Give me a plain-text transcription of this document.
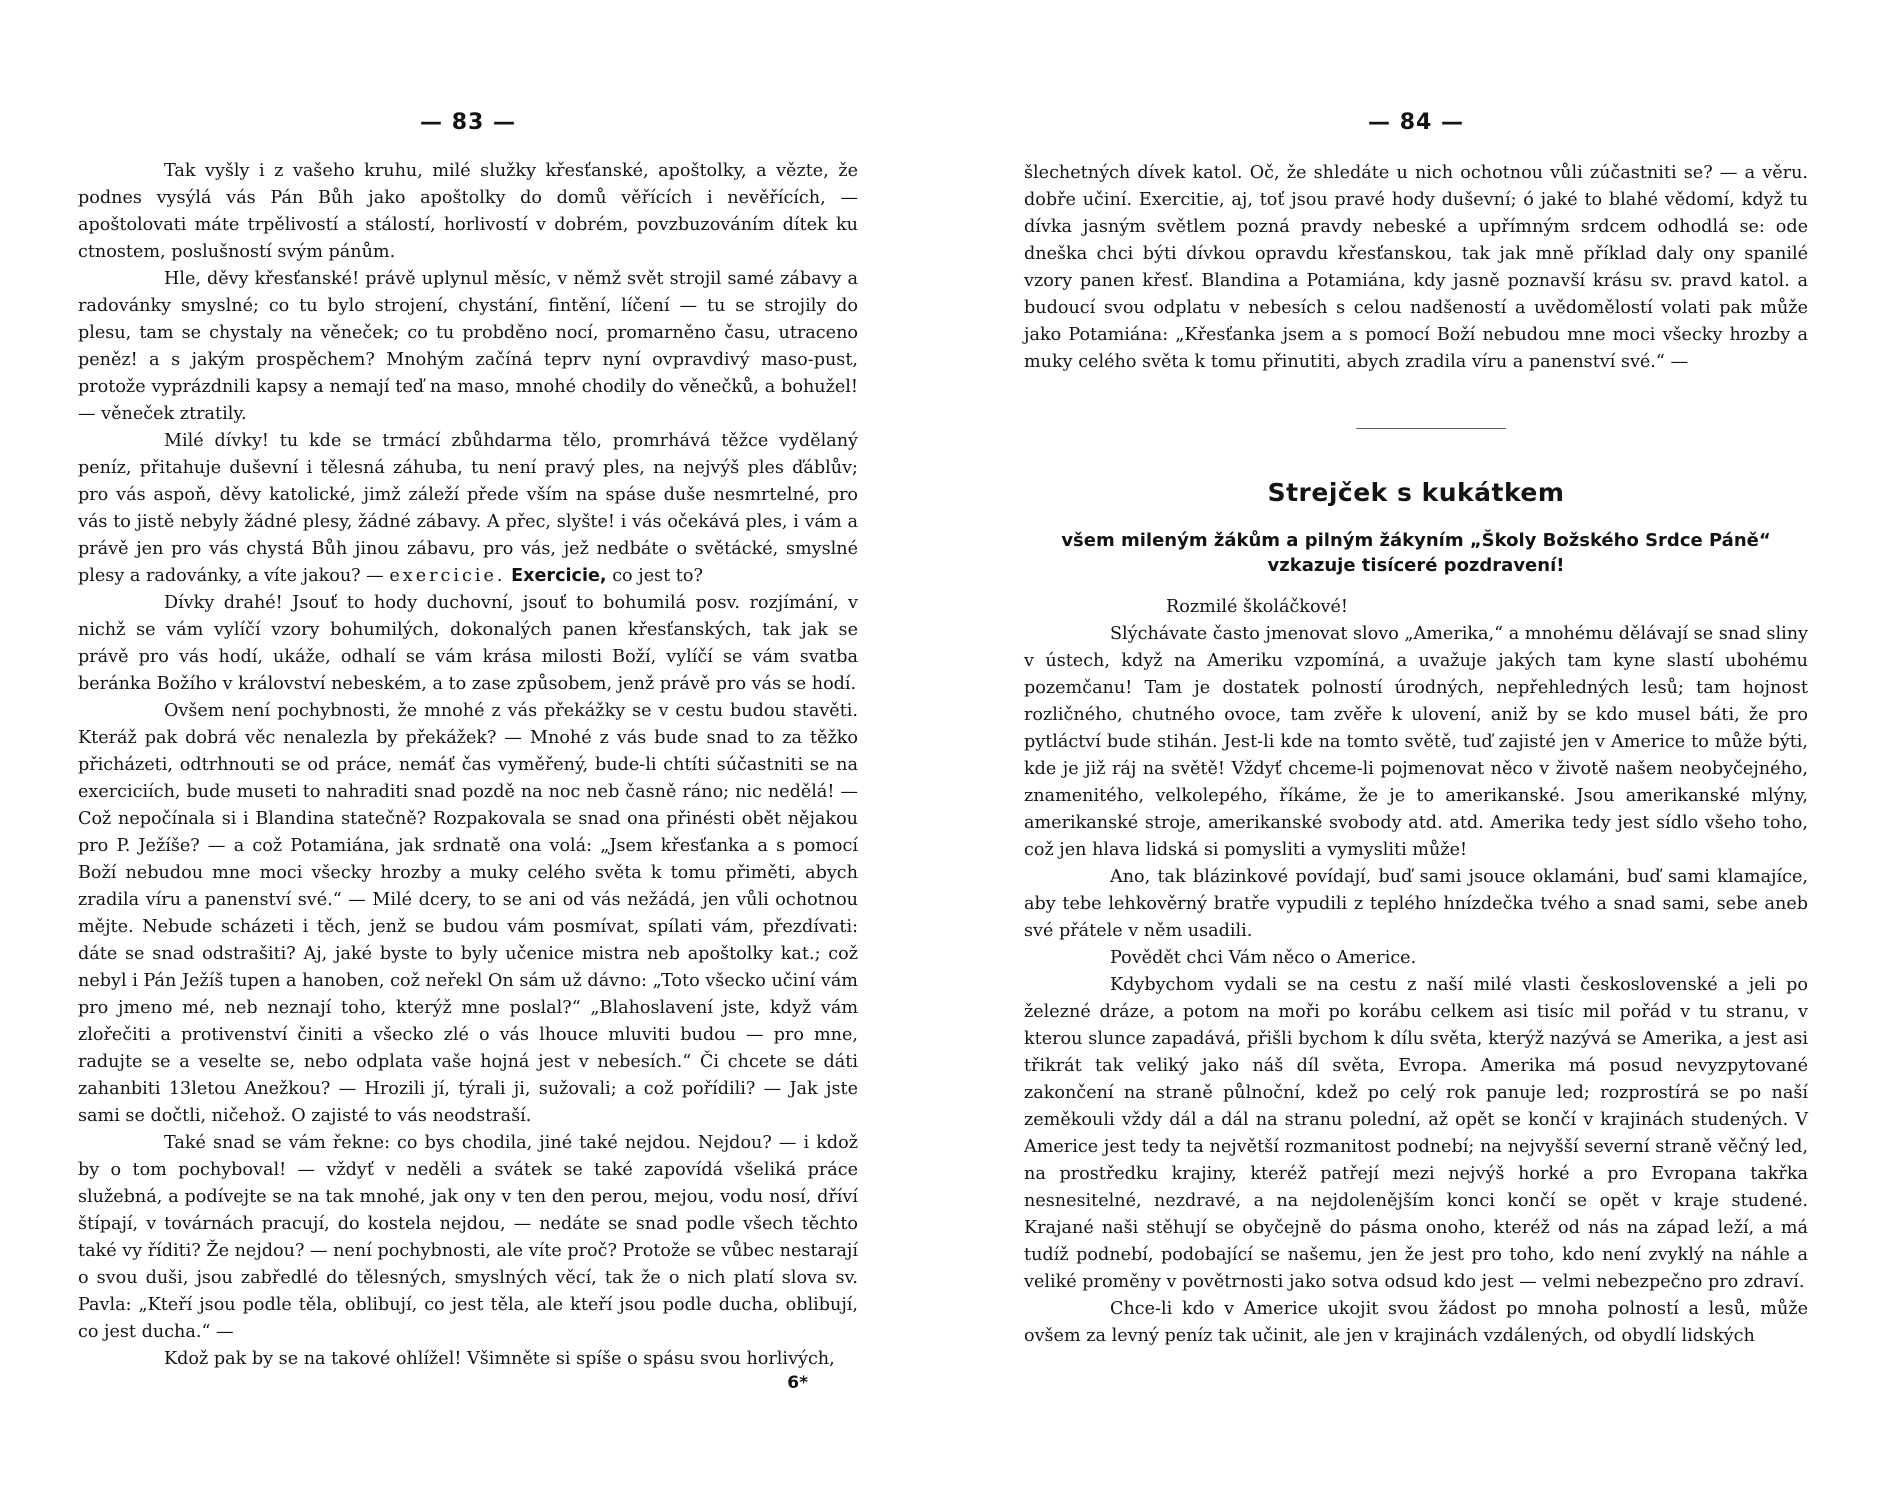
— 83 —

Tak vyšly i z vašeho kruhu, milé služky křesťanské, apoštolky, a vězte, že podnes vysýlá vás Pán Bůh jako apoštolky do domů věřících i nevěřících, — apoštolovati máte trpělivostí a stálostí, horlivostí v dobrém, povzbuzováním dítek ku ctnostem, poslušností svým pánům.

Hle, děvy křesťanské! právě uplynul měsíc, v němž svět strojil samé zábavy a radovánky smyslné; co tu bylo strojení, chystání, fintění, líčení — tu se strojily do plesu, tam se chystaly na věneček; co tu probděno nocí, promarněno času, utraceno peněz! a s jakým prospěchem? Mnohým začíná teprv nyní ovpravdivý maso-pust, protože vyprázdnili kapsy a nemají teď na maso, mnohé chodily do věnečků, a bohužel! — věneček ztratily.

Milé dívky! tu kde se trmácí zbůhdarma tělo, promrhává těžce vydělaný peníz, přitahuje duševní i tělesná záhuba, tu není pravý ples, na nejvýš ples ďáblův; pro vás aspoň, děvy katolické, jimž záleží přede vším na spáse duše nesmrtelné, pro vás to jistě nebyly žádné plesy, žádné zábavy. A přec, slyšte! i vás očekává ples, i vám a právě jen pro vás chystá Bůh jinou zábavu, pro vás, jež nedbáte o světácké, smyslné plesy a radovánky, a víte jakou? — exercicie. Exercicie, co jest to?

Dívky drahé! Jsouť to hody duchovní, jsouť to bohumilá posv. rozjímání, v nichž se vám vylíčí vzory bohumilých, dokonalých panen křesťanských, tak jak se právě pro vás hodí, ukáže, odhalí se vám krása milosti Boží, vylíčí se vám svatba beránka Božího v království nebeském, a to zase způsobem, jenž právě pro vás se hodí.

Ovšem není pochybnosti, že mnohé z vás překážky se v cestu budou stavěti. Kteráž pak dobrá věc nenalezla by překážek? — Mnohé z vás bude snad to za těžko přicházeti, odtrhnouti se od práce, nemáť čas vyměřený, bude-li chtíti súčastniti se na exerciciích, bude museti to nahraditi snad pozdě na noc neb časně ráno; nic nedělá! — Což nepočínala si i Blandina statečně? Rozpakovala se snad ona přinésti obět nějakou pro P. Ježíše? — a což Potamiána, jak srdnatě ona volá: „Jsem křesťanka a s pomocí Boží nebudou mne moci všecky hrozby a muky celého světa k tomu přiměti, abych zradila víru a panenství své.“ — Milé dcery, to se ani od vás nežádá, jen vůli ochotnou mějte. Nebude scházeti i těch, jenž se budou vám posmívat, spílati vám, přezdívati: dáte se snad odstrašiti? Aj, jaké byste to byly učenice mistra neb apoštolky kat.; což nebyl i Pán Ježíš tupen a hanoben, což neřekl On sám už dávno: „Toto všecko učiní vám pro jmeno mé, neb neznají toho, kterýž mne poslal?“ „Blahoslavení jste, když vám zlořečiti a protivenství činiti a všecko zlé o vás lhouce mluviti budou — pro mne, radujte se a veselte se, nebo odplata vaše hojná jest v nebesích.“ Či chcete se dáti zahanbiti 13letou Anežkou? — Hrozili jí, týrali ji, sužovali; a což pořídili? — Jak jste sami se dočtli, ničehož. O zajisté to vás neodstraší.

Také snad se vám řekne: co bys chodila, jiné také nejdou. Nejdou? — i kdož by o tom pochyboval! — vždyť v neděli a svátek se také zapovídá všeliká práce služebná, a podívejte se na tak mnohé, jak ony v ten den perou, mejou, vodu nosí, dříví štípají, v továrnách pracují, do kostela nejdou, — nedáte se snad podle všech těchto také vy říditi? Že nejdou? — není pochybnosti, ale víte proč? Protože se vůbec nestarají o svou duši, jsou zabředlé do tělesných, smyslných věcí, tak že o nich platí slova sv. Pavla: „Kteří jsou podle těla, oblibují, co jest těla, ale kteří jsou podle ducha, oblibují, co jest ducha.“ —

Kdož pak by se na takové ohlížel! Všimněte si spíše o spásu svou horlivých,

6*
— 84 —

šlechetných dívek katol. Oč, že shledáte u nich ochotnou vůli zúčastniti se? — a věru. dobře učiní. Exercitie, aj, toť jsou pravé hody duševní; ó jaké to blahé vědomí, když tu dívka jasným světlem pozná pravdy nebeské a upřímným srdcem odhodlá se: ode dneška chci býti dívkou opravdu křesťanskou, tak jak mně příklad daly ony spanilé vzory panen křesť. Blandina a Potamiána, kdy jasně poznavší krásu sv. pravd katol. a budoucí svou odplatu v nebesích s celou nadšeností a uvědomělostí volati pak může jako Potamiána: „Křesťanka jsem a s pomocí Boží nebudou mne moci všecky hrozby a muky celého světa k tomu přinutiti, abych zradila víru a panenství své.“ —

Strejček s kukátkem
všem mileným žákům a pilným žákyním „Školy Božského Srdce Páně“ vzkazuje tisíceré pozdravení!

Rozmilé školáčkové!

Slýchávate často jmenovat slovo „Amerika,“ a mnohému dělávají se snad sliny v ústech, když na Ameriku vzpomíná, a uvažuje jakých tam kyne slastí ubohému pozemčanu! Tam je dostatek polností úrodných, nepřehledných lesů; tam hojnost rozličného, chutného ovoce, tam zvěře k ulovení, aniž by se kdo musel báti, že pro pytláctví bude stihán. Jest-li kde na tomto světě, tuď zajisté jen v Americe to může býti, kde je již ráj na světě! Vždyť chceme-li pojmenovat něco v životě našem neobyčejného, znamenitého, velkolepého, říkáme, že je to amerikanské. Jsou amerikanské mlýny, amerikanské stroje, amerikanské svobody atd. atd. Amerika tedy jest sídlo všeho toho, což jen hlava lidská si pomysliti a vymysliti může!

Ano, tak blázinkové povídají, buď sami jsouce oklamáni, buď sami klamajíce, aby tebe lehkověrný bratře vypudili z teplého hnízdečka tvého a snad sami, sebe aneb své přátele v něm usadili.

Povědět chci Vám něco o Americe.

Kdybychom vydali se na cestu z naší milé vlasti československé a jeli po železné dráze, a potom na moři po korábu celkem asi tisíc mil pořád v tu stranu, v kterou slunce zapadává, přišli bychom k dílu světa, kterýž nazývá se Amerika, a jest asi třikrát tak veliký jako náš díl světa, Evropa. Amerika má posud nevyzpytované zakončení na straně půlnoční, kdež po celý rok panuje led; rozprostírá se po naší zeměkouli vždy dál a dál na stranu polední, až opět se končí v krajinách studených. V Americe jest tedy ta největší rozmanitost podnebí; na nejvyšší severní straně věčný led, na prostředku krajiny, kteréž patřejí mezi nejvýš horké a pro Evropana takřka nesnesitelné, nezdravé, a na nejdolenějším konci končí se opět v kraje studené. Krajané naši stěhují se obyčejně do pásma onoho, kteréž od nás na západ leží, a má tudíž podnebí, podobající se našemu, jen že jest pro toho, kdo není zvyklý na náhle a veliké proměny v povětrnosti jako sotva odsud kdo jest — velmi nebezpečno pro zdraví.

Chce-li kdo v Americe ukojit svou žádost po mnoha polností a lesů, může ovšem za levný peníz tak učinit, ale jen v krajinách vzdálených, od obydlí lidských
